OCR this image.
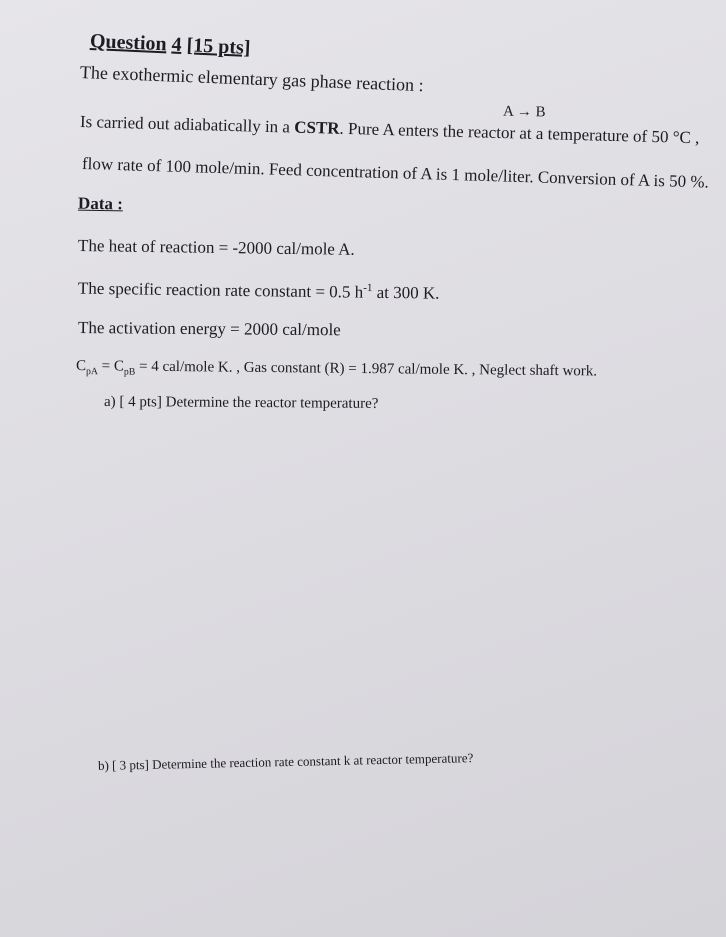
Question 4 [15 pts]
The exothermic elementary gas phase reaction :
A → B
Is carried out adiabatically in a CSTR. Pure A enters the reactor at a temperature of 50 °C ,
flow rate of 100 mole/min. Feed concentration of A is 1 mole/liter. Conversion of A is 50 %.
Data :
The heat of reaction = -2000 cal/mole A.
The specific reaction rate constant = 0.5 $h^{-1}$ at 300 K.
The activation energy = 2000 cal/mole
$C_{pA} = C_{pB} = 4$ cal/mole K. , Gas constant (R) = 1.987 cal/mole K. , Neglect shaft work.
a) [ 4 pts] Determine the reactor temperature?
b) [ 3 pts] Determine the reaction rate constant k at reactor temperature?
